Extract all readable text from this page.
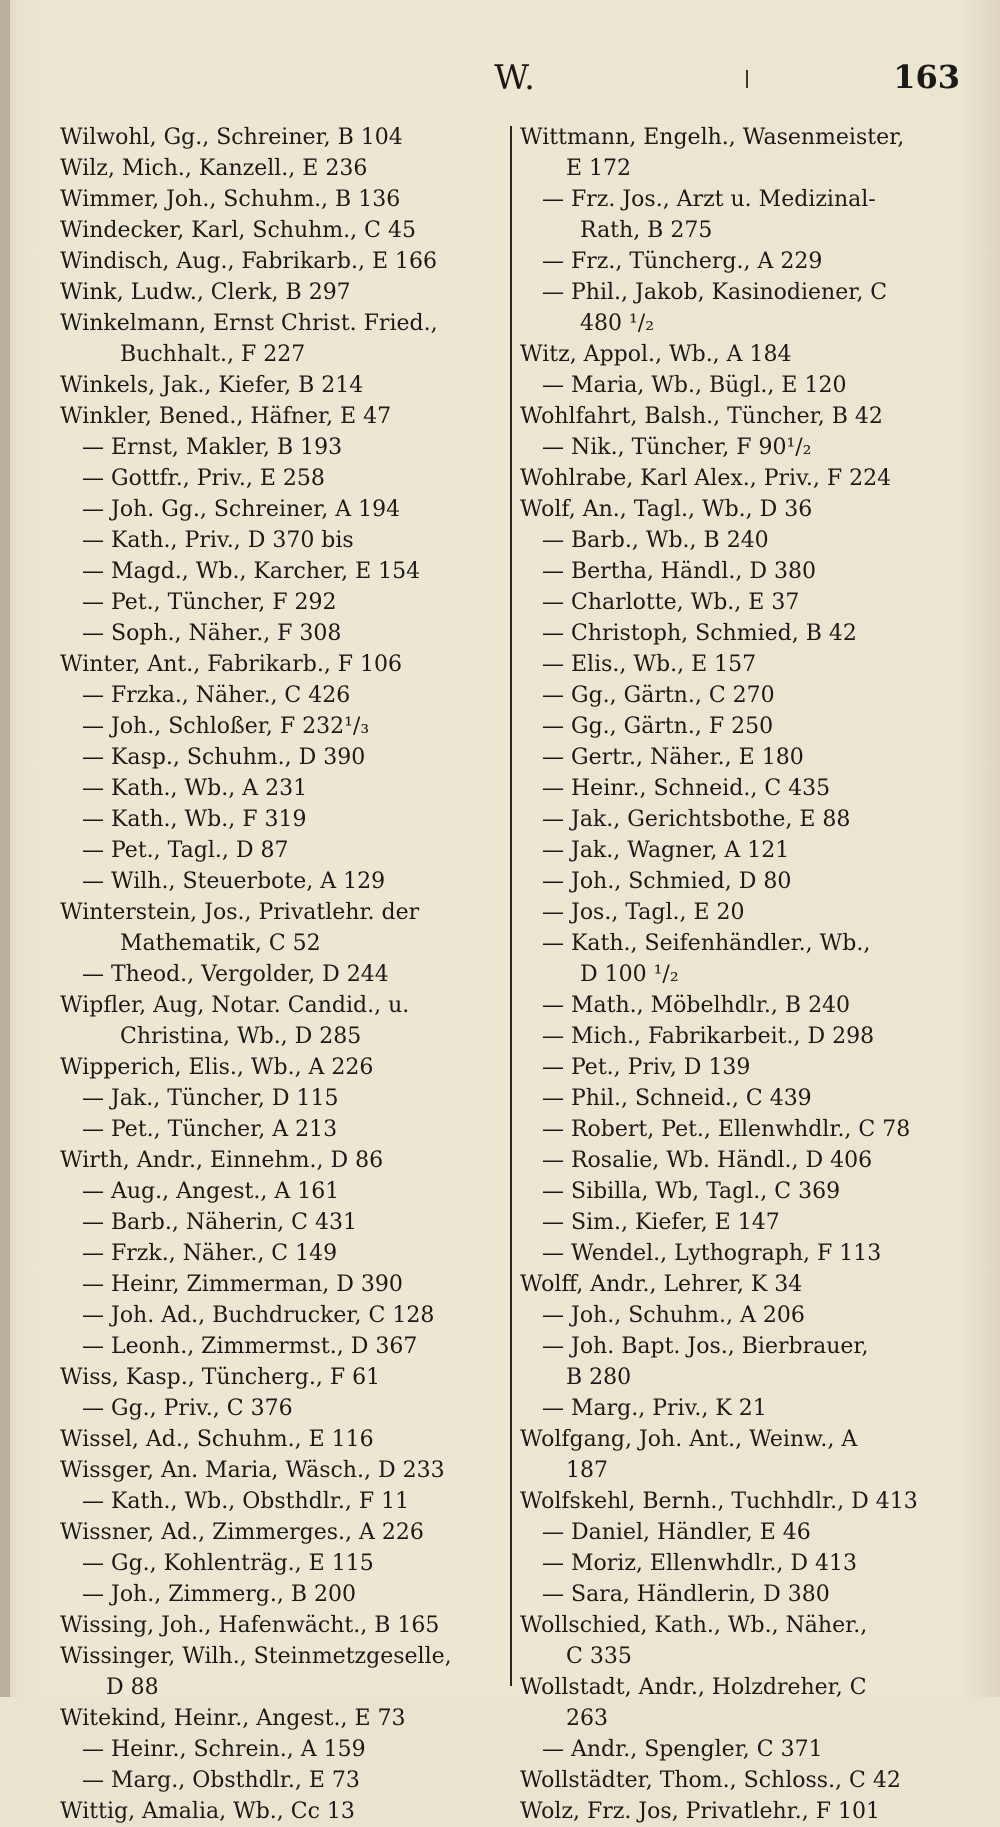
W.	163
Wilwohl, Gg., Schreiner, B 104
Wilz, Mich., Kanzell., E 236
Wimmer, Joh., Schuhm., B 136
Windecker, Karl, Schuhm., C 45
Windisch, Aug., Fabrikarb., E 166
Wink, Ludw., Clerk, B 297
Winkelmann, Ernst Christ. Fried.,
Buchhalt., F 227
Winkels, Jak., Kiefer, B 214
Winkler, Bened., Häfner, E 47
— Ernst, Makler, B 193
— Gottfr., Priv., E 258
— Joh. Gg., Schreiner, A 194
— Kath., Priv., D 370 bis
— Magd., Wb., Karcher, E 154
— Pet., Tüncher, F 292
— Soph., Näher., F 308
Winter, Ant., Fabrikarb., F 106
— Frzka., Näher., C 426
— Joh., Schloßer, F 232¹/₃
— Kasp., Schuhm., D 390
— Kath., Wb., A 231
— Kath., Wb., F 319
— Pet., Tagl., D 87
— Wilh., Steuerbote, A 129
Winterstein, Jos., Privatlehr. der
Mathematik, C 52
— Theod., Vergolder, D 244
Wipfler, Aug, Notar. Candid., u.
Christina, Wb., D 285
Wipperich, Elis., Wb., A 226
— Jak., Tüncher, D 115
— Pet., Tüncher, A 213
Wirth, Andr., Einnehm., D 86
— Aug., Angest., A 161
— Barb., Näherin, C 431
— Frzk., Näher., C 149
— Heinr, Zimmerman, D 390
— Joh. Ad., Buchdrucker, C 128
— Leonh., Zimmermst., D 367
Wiss, Kasp., Tüncherg., F 61
— Gg., Priv., C 376
Wissel, Ad., Schuhm., E 116
Wissger, An. Maria, Wäsch., D 233
— Kath., Wb., Obsthdlr., F 11
Wissner, Ad., Zimmerges., A 226
— Gg., Kohlenträg., E 115
— Joh., Zimmerg., B 200
Wissing, Joh., Hafenwächt., B 165
Wissinger, Wilh., Steinmetzgeselle,
D 88
Witekind, Heinr., Angest., E 73
— Heinr., Schrein., A 159
— Marg., Obsthdlr., E 73
Wittig, Amalia, Wb., Cc 13
Wittmann, Engelh., Wasenmeister,
E 172
— Frz. Jos., Arzt u. Medizinal-
Rath, B 275
— Frz., Tüncherg., A 229
— Phil., Jakob, Kasinodiener, C
480 ¹/₂
Witz, Appol., Wb., A 184
— Maria, Wb., Bügl., E 120
Wohlfahrt, Balsh., Tüncher, B 42
— Nik., Tüncher, F 90¹/₂
Wohlrabe, Karl Alex., Priv., F 224
Wolf, An., Tagl., Wb., D 36
— Barb., Wb., B 240
— Bertha, Händl., D 380
— Charlotte, Wb., E 37
— Christoph, Schmied, B 42
— Elis., Wb., E 157
— Gg., Gärtn., C 270
— Gg., Gärtn., F 250
— Gertr., Näher., E 180
— Heinr., Schneid., C 435
— Jak., Gerichtsbothe, E 88
— Jak., Wagner, A 121
— Joh., Schmied, D 80
— Jos., Tagl., E 20
— Kath., Seifenhändler., Wb.,
D 100 ¹/₂
— Math., Möbelhdlr., B 240
— Mich., Fabrikarbeit., D 298
— Pet., Priv, D 139
— Phil., Schneid., C 439
— Robert, Pet., Ellenwhdlr., C 78
— Rosalie, Wb. Händl., D 406
— Sibilla, Wb, Tagl., C 369
— Sim., Kiefer, E 147
— Wendel., Lythograph, F 113
Wolff, Andr., Lehrer, K 34
— Joh., Schuhm., A 206
— Joh. Bapt. Jos., Bierbrauer,
B 280
— Marg., Priv., K 21
Wolfgang, Joh. Ant., Weinw., A
187
Wolfskehl, Bernh., Tuchhdlr., D 413
— Daniel, Händler, E 46
— Moriz, Ellenwhdlr., D 413
— Sara, Händlerin, D 380
Wollschied, Kath., Wb., Näher.,
C 335
Wollstadt, Andr., Holzdreher, C
263
— Andr., Spengler, C 371
Wollstädter, Thom., Schloss., C 42
Wolz, Frz. Jos, Privatlehr., F 101
